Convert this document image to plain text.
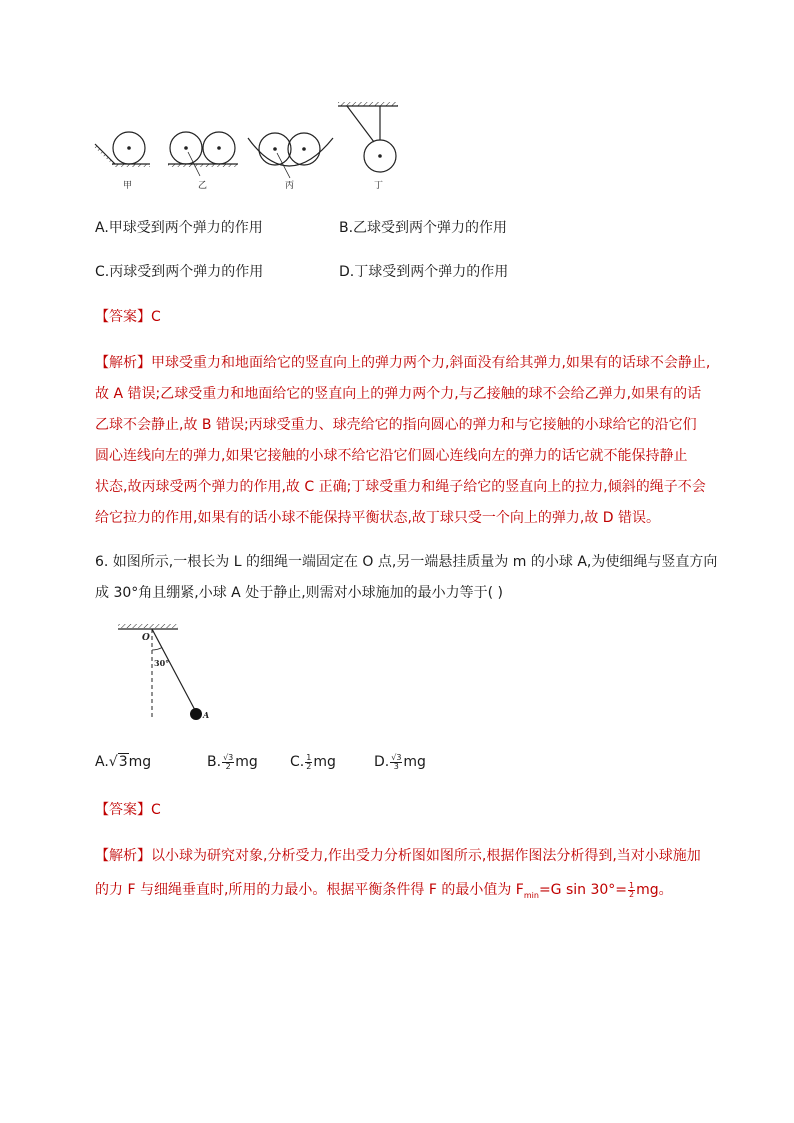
甲	乙	丙	丁
A.甲球受到两个弹力的作用	B.乙球受到两个弹力的作用
C.丙球受到两个弹力的作用	D.丁球受到两个弹力的作用
【答案】C
【解析】甲球受重力和地面给它的竖直向上的弹力两个力,斜面没有给其弹力,如果有的话球不会静止,
故 A 错误;乙球受重力和地面给它的竖直向上的弹力两个力,与乙接触的球不会给乙弹力,如果有的话
乙球不会静止,故 B 错误;丙球受重力、球壳给它的指向圆心的弹力和与它接触的小球给它的沿它们
圆心连线向左的弹力,如果它接触的小球不给它沿它们圆心连线向左的弹力的话它就不能保持静止
状态,故丙球受两个弹力的作用,故 C 正确;丁球受重力和绳子给它的竖直向上的拉力,倾斜的绳子不会
给它拉力的作用,如果有的话小球不能保持平衡状态,故丁球只受一个向上的弹力,故 D 错误。
6. 如图所示,一根长为 L 的细绳一端固定在 O 点,另一端悬挂质量为 m 的小球 A,为使细绳与竖直方向
成 30°角且绷紧,小球 A 处于静止,则需对小球施加的最小力等于( )
O
30°
A
A.√3mg	B. $\frac{√3}{2}$ mg C. $\frac{1}{2}$ mg	D. $\frac{√3}{3}$ mg
【答案】C
【解析】以小球为研究对象,分析受力,作出受力分析图如图所示,根据作图法分析得到,当对小球施加
的力 F 与细绳垂直时,所用的力最小。根据平衡条件得 F 的最小值为 $F_{min}=G$ $\sin 30^\circ= \frac{1}{2}$ mg。
